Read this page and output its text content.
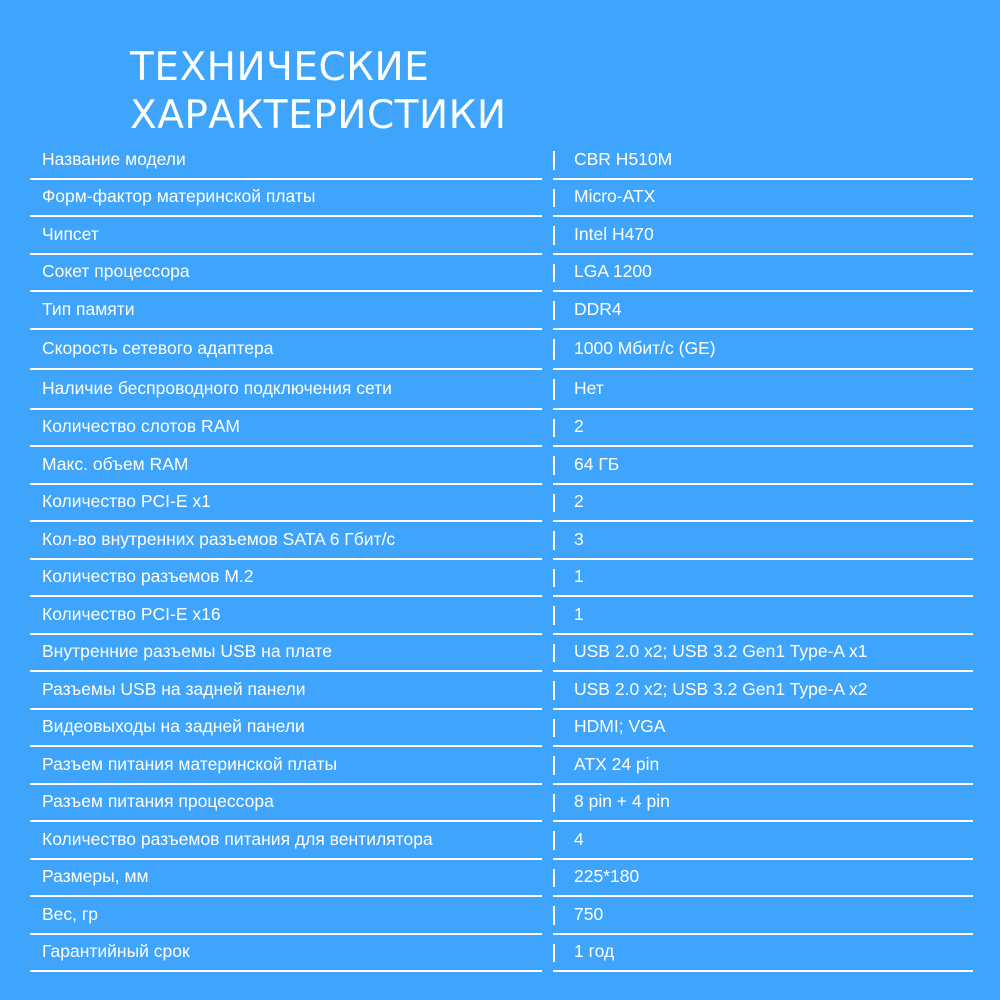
ТЕХНИЧЕСКИЕ
ХАРАКТЕРИСТИКИ
Название модели	CBR H510M
Форм-фактор материнской платы	Micro-ATX
Чипсет	Intel H470
Сокет процессора	LGA 1200
Тип памяти	DDR4
Скорость сетевого адаптера	1000 Мбит/с (GE)
Наличие беспроводного подключения сети	Нет
Количество слотов RAM	2
Макс. объем RAM	64 ГБ
Количество PCI-E x1	2
Кол-во внутренних разъемов SATA 6 Гбит/с	3
Количество разъемов M.2	1
Количество PCI-E x16	1
Внутренние разъемы USB на плате	USB 2.0 x2; USB 3.2 Gen1 Type-A x1
Разъемы USB на задней панели	USB 2.0 x2; USB 3.2 Gen1 Type-A x2
Видеовыходы на задней панели	HDMI; VGA
Разъем питания материнской платы	ATX 24 pin
Разъем питания процессора	8 pin + 4 pin
Количество разъемов питания для вентилятора	4
Размеры, мм	225*180
Вес, гр	750
Гарантийный срок	1 год
